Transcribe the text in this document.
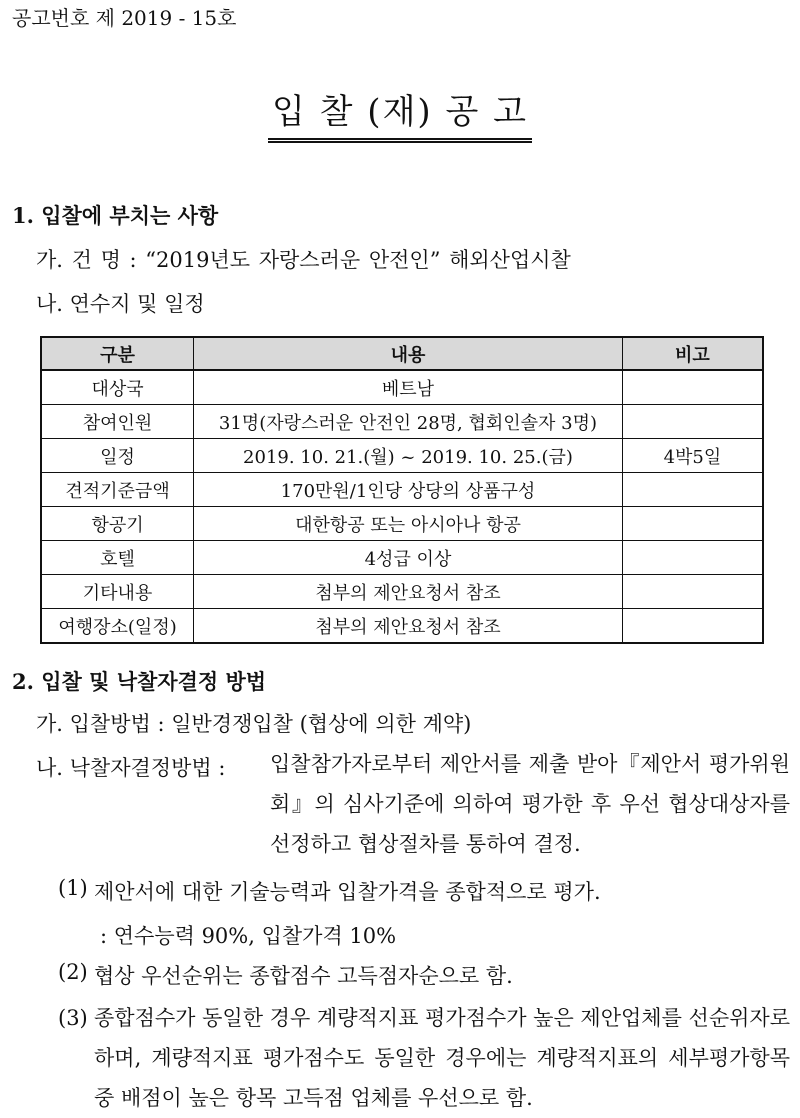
공고번호 제 2019 - 15호
입 찰 (재) 공 고
1. 입찰에 부치는 사항
가. 건 명 : “2019년도 자랑스러운 안전인” 해외산업시찰
나. 연수지 및 일정
구분	내용	비고
대상국	베트남	
참여인원	31명(자랑스러운 안전인 28명, 협회인솔자 3명)	
일정	2019. 10. 21.(월) ~ 2019. 10. 25.(금)	4박5일
견적기준금액	170만원/1인당 상당의 상품구성	
항공기	대한항공 또는 아시아나 항공	
호텔	4성급 이상	
기타내용	첨부의 제안요청서 참조	
여행장소(일정)	첨부의 제안요청서 참조	
2. 입찰 및 낙찰자결정 방법
가. 입찰방법 : 일반경쟁입찰 (협상에 의한 계약)
나. 낙찰자결정방법 : 입찰참가자로부터 제안서를 제출 받아『제안서 평가위원회』의 심사기준에 의하여 평가한 후 우선 협상대상자를 선정하고 협상절차를 통하여 결정.
(1) 제안서에 대한 기술능력과 입찰가격을 종합적으로 평가.
: 연수능력 90%, 입찰가격 10%
(2) 협상 우선순위는 종합점수 고득점자순으로 함.
(3) 종합점수가 동일한 경우 계량적지표 평가점수가 높은 제안업체를 선순위자로 하며, 계량적지표 평가점수도 동일한 경우에는 계량적지표의 세부평가항목 중 배점이 높은 항목 고득점 업체를 우선으로 함.
